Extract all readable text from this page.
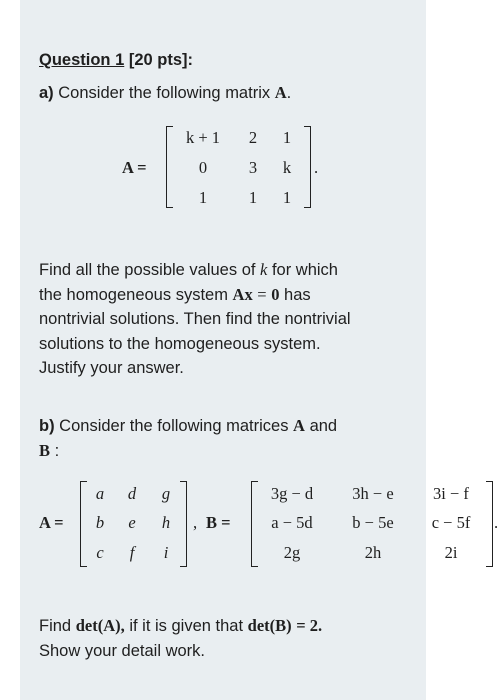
Question 1 [20 pts]:
a) Consider the following matrix A.
A =
k + 1	2	1
0	3	k
1	1	1
.

Find all the possible values of k for which

the homogeneous system Ax = 0 has

nontrivial solutions. Then find the nontrivial

solutions to the homogeneous system.

Justify your answer.

b) Consider the following matrices A and
B :
A =
a	d	g
b	e	h
c	f	i
, B =
3g − d	3h − e	3i − f
a − 5d	b − 5e	c − 5f
2g	2h	2i
.
Find det(A), if it is given that det(B) = 2.
Show your detail work.
